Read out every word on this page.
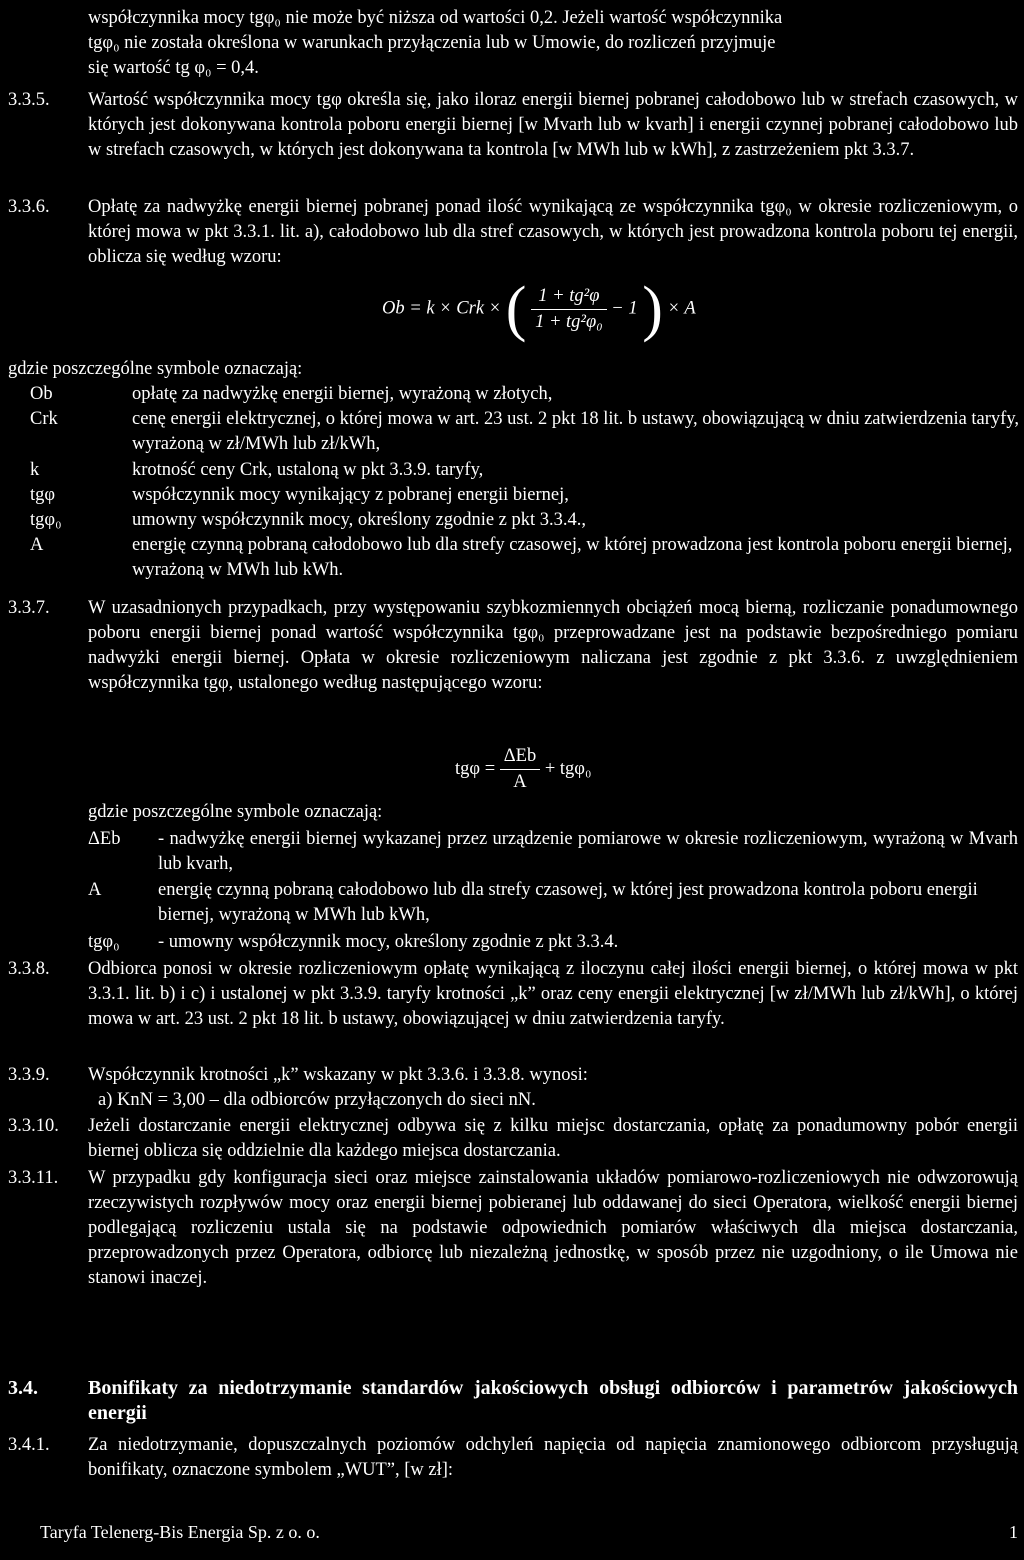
współczynnika mocy tgφ₀ nie może być niższa od wartości 0,2. Jeżeli wartość współczynnika
tgφ₀ nie została określona w warunkach przyłączenia lub w Umowie, do rozliczeń przyjmuje
się wartość tg φ₀ = 0,4.
3.3.5. Wartość współczynnika mocy tgφ określa się, jako iloraz energii biernej pobranej całodobowo lub w strefach czasowych, w których jest dokonywana kontrola poboru energii biernej [w Mvarh lub w kvarh] i energii czynnej pobranej całodobowo lub w strefach czasowych, w których jest dokonywana ta kontrola [w MWh lub w kWh], z zastrzeżeniem pkt 3.3.7.
3.3.6. Opłatę za nadwyżkę energii biernej pobranej ponad ilość wynikającą ze współczynnika tgφ₀ w okresie rozliczeniowym, o której mowa w pkt 3.3.1. lit. a), całodobowo lub dla stref czasowych, w których jest prowadzona kontrola poboru tej energii, oblicza się według wzoru:
Ob = k × Crk × ( $\frac{\text{1 + tg²φ}}{\text{1 + tg²φ₀}} - 1$ ) × A
gdzie poszczególne symbole oznaczają:
Ob	opłatę za nadwyżkę energii biernej, wyrażoną w złotych,
Crk	cenę energii elektrycznej, o której mowa w art. 23 ust. 2 pkt 18 lit. b ustawy, obowiązującą w dniu zatwierdzenia taryfy, wyrażoną w zł/MWh lub zł/kWh,
k	krotność ceny Crk, ustaloną w pkt 3.3.9. taryfy,
tgφ	współczynnik mocy wynikający z pobranej energii biernej,
tgφ₀	umowny współczynnik mocy, określony zgodnie z pkt 3.3.4.,
A	energię czynną pobraną całodobowo lub dla strefy czasowej, w której prowadzona jest kontrola poboru energii biernej, wyrażoną w MWh lub kWh.
3.3.7. W uzasadnionych przypadkach, przy występowaniu szybkozmiennych obciążeń mocą bierną, rozliczanie ponadumownego poboru energii biernej ponad wartość współczynnika tgφ₀ przeprowadzane jest na podstawie bezpośredniego pomiaru nadwyżki energii biernej. Opłata w okresie rozliczeniowym naliczana jest zgodnie z pkt 3.3.6. z uwzględnieniem współczynnika tgφ, ustalonego według następującego wzoru:
$tg\varphi = \frac{\text{ΔEb}}{A} + tg\varphi_0$
gdzie poszczególne symbole oznaczają:
ΔEb - nadwyżkę energii biernej wykazanej przez urządzenie pomiarowe w okresie rozliczeniowym, wyrażoną w Mvarh lub kvarh,
A	energię czynną pobraną całodobowo lub dla strefy czasowej, w której jest prowadzona kontrola poboru energii biernej, wyrażoną w MWh lub kWh,
tgφ₀ - umowny współczynnik mocy, określony zgodnie z pkt 3.3.4.
3.3.8. Odbiorca ponosi w okresie rozliczeniowym opłatę wynikającą z iloczynu całej ilości energii biernej, o której mowa w pkt 3.3.1. lit. b) i c) i ustalonej w pkt 3.3.9. taryfy krotności „k” oraz ceny energii elektrycznej [w zł/MWh lub zł/kWh], o której mowa w art. 23 ust. 2 pkt 18 lit. b ustawy, obowiązującej w dniu zatwierdzenia taryfy.
3.3.9. Współczynnik krotności „k” wskazany w pkt 3.3.6. i 3.3.8. wynosi:
a) KnN = 3,00 – dla odbiorców przyłączonych do sieci nN.
3.3.10. Jeżeli dostarczanie energii elektrycznej odbywa się z kilku miejsc dostarczania, opłatę za ponadumowny pobór energii biernej oblicza się oddzielnie dla każdego miejsca dostarczania.
3.3.11. W przypadku gdy konfiguracja sieci oraz miejsce zainstalowania układów pomiarowo-rozliczeniowych nie odwzorowują rzeczywistych rozpływów mocy oraz energii biernej pobieranej lub oddawanej do sieci Operatora, wielkość energii biernej podlegającą rozliczeniu ustala się na podstawie odpowiednich pomiarów właściwych dla miejsca dostarczania, przeprowadzonych przez Operatora, odbiorcę lub niezależną jednostkę, w sposób przez nie uzgodniony, o ile Umowa nie stanowi inaczej.
3.4.	Bonifikaty za niedotrzymanie standardów jakościowych obsługi odbiorców i parametrów jakościowych energii
3.4.1. Za niedotrzymanie, dopuszczalnych poziomów odchyleń napięcia od napięcia znamionowego odbiorcom przysługują bonifikaty, oznaczone symbolem „WUT”, [w zł]:
Taryfa Telenerg-Bis Energia Sp. z o. o.	1
